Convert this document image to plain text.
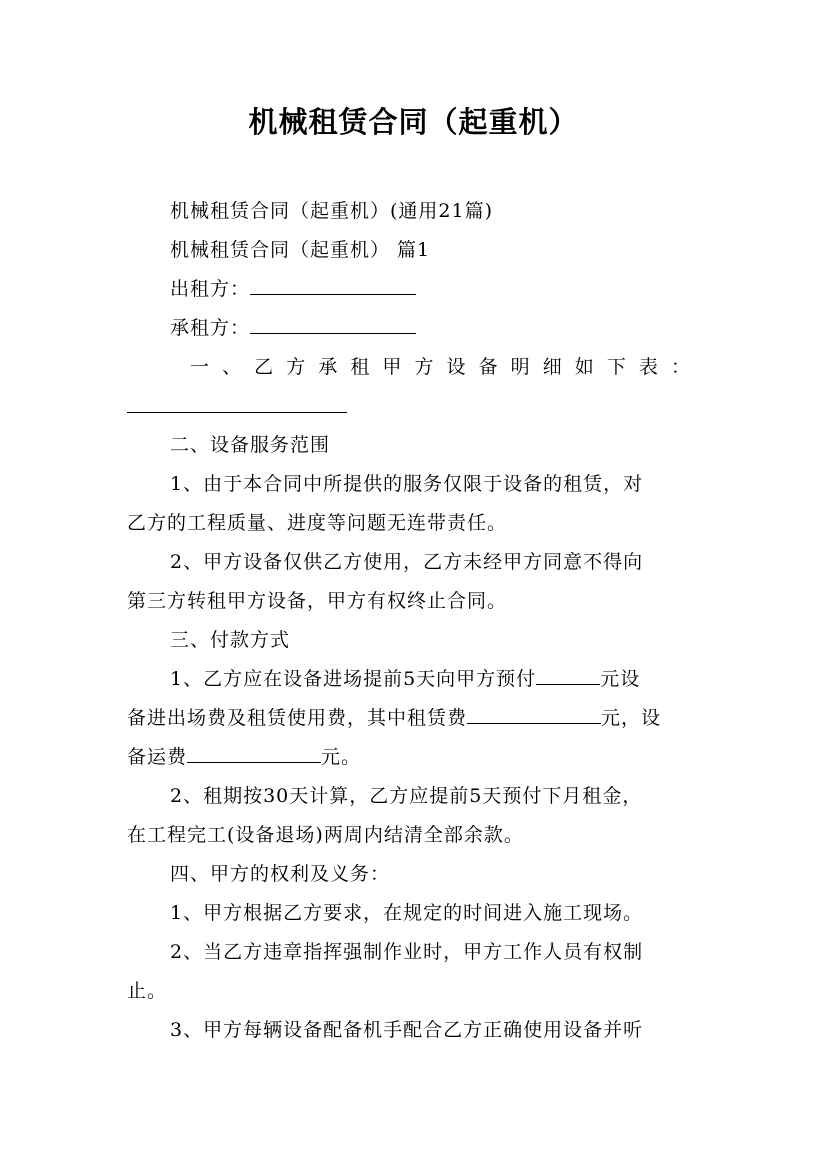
机械租赁合同（起重机）
机械租赁合同（起重机）(通用21篇)
机械租赁合同（起重机） 篇1
出租方：
承租方：
一 、 乙 方 承 租 甲 方 设 备 明 细 如 下 表 ：
二、设备服务范围
1、由于本合同中所提供的服务仅限于设备的租赁，对
乙方的工程质量、进度等问题无连带责任。
2、甲方设备仅供乙方使用，乙方未经甲方同意不得向
第三方转租甲方设备，甲方有权终止合同。
三、付款方式
1、乙方应在设备进场提前5天向甲方预付	元设
备进出场费及租赁使用费，其中租赁费	元，设
备运费	元。
2、租期按30天计算，乙方应提前5天预付下月租金，
在工程完工(设备退场)两周内结清全部余款。
四、甲方的权利及义务：
1、甲方根据乙方要求，在规定的时间进入施工现场。
2、当乙方违章指挥强制作业时，甲方工作人员有权制
止。
3、甲方每辆设备配备机手配合乙方正确使用设备并听
